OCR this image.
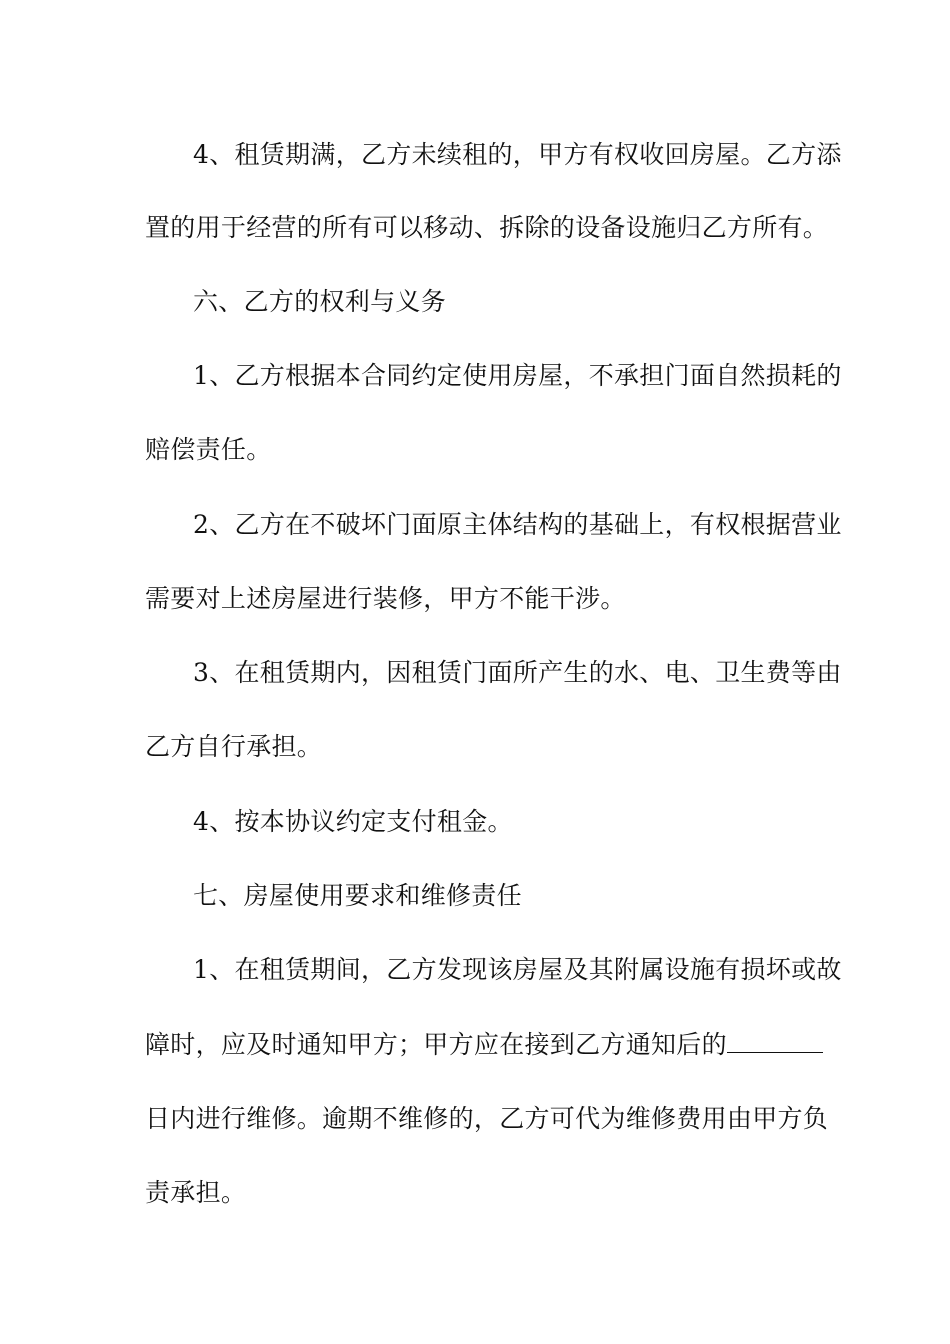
4、租赁期满，乙方未续租的，甲方有权收回房屋。乙方添
置的用于经营的所有可以移动、拆除的设备设施归乙方所有。
六、乙方的权利与义务
1、乙方根据本合同约定使用房屋，不承担门面自然损耗的
赔偿责任。
2、乙方在不破坏门面原主体结构的基础上，有权根据营业
需要对上述房屋进行装修，甲方不能干涉。
3、在租赁期内，因租赁门面所产生的水、电、卫生费等由
乙方自行承担。
4、按本协议约定支付租金。
七、房屋使用要求和维修责任
1、在租赁期间，乙方发现该房屋及其附属设施有损坏或故
障时，应及时通知甲方；甲方应在接到乙方通知后的
日内进行维修。逾期不维修的，乙方可代为维修费用由甲方负
责承担。
